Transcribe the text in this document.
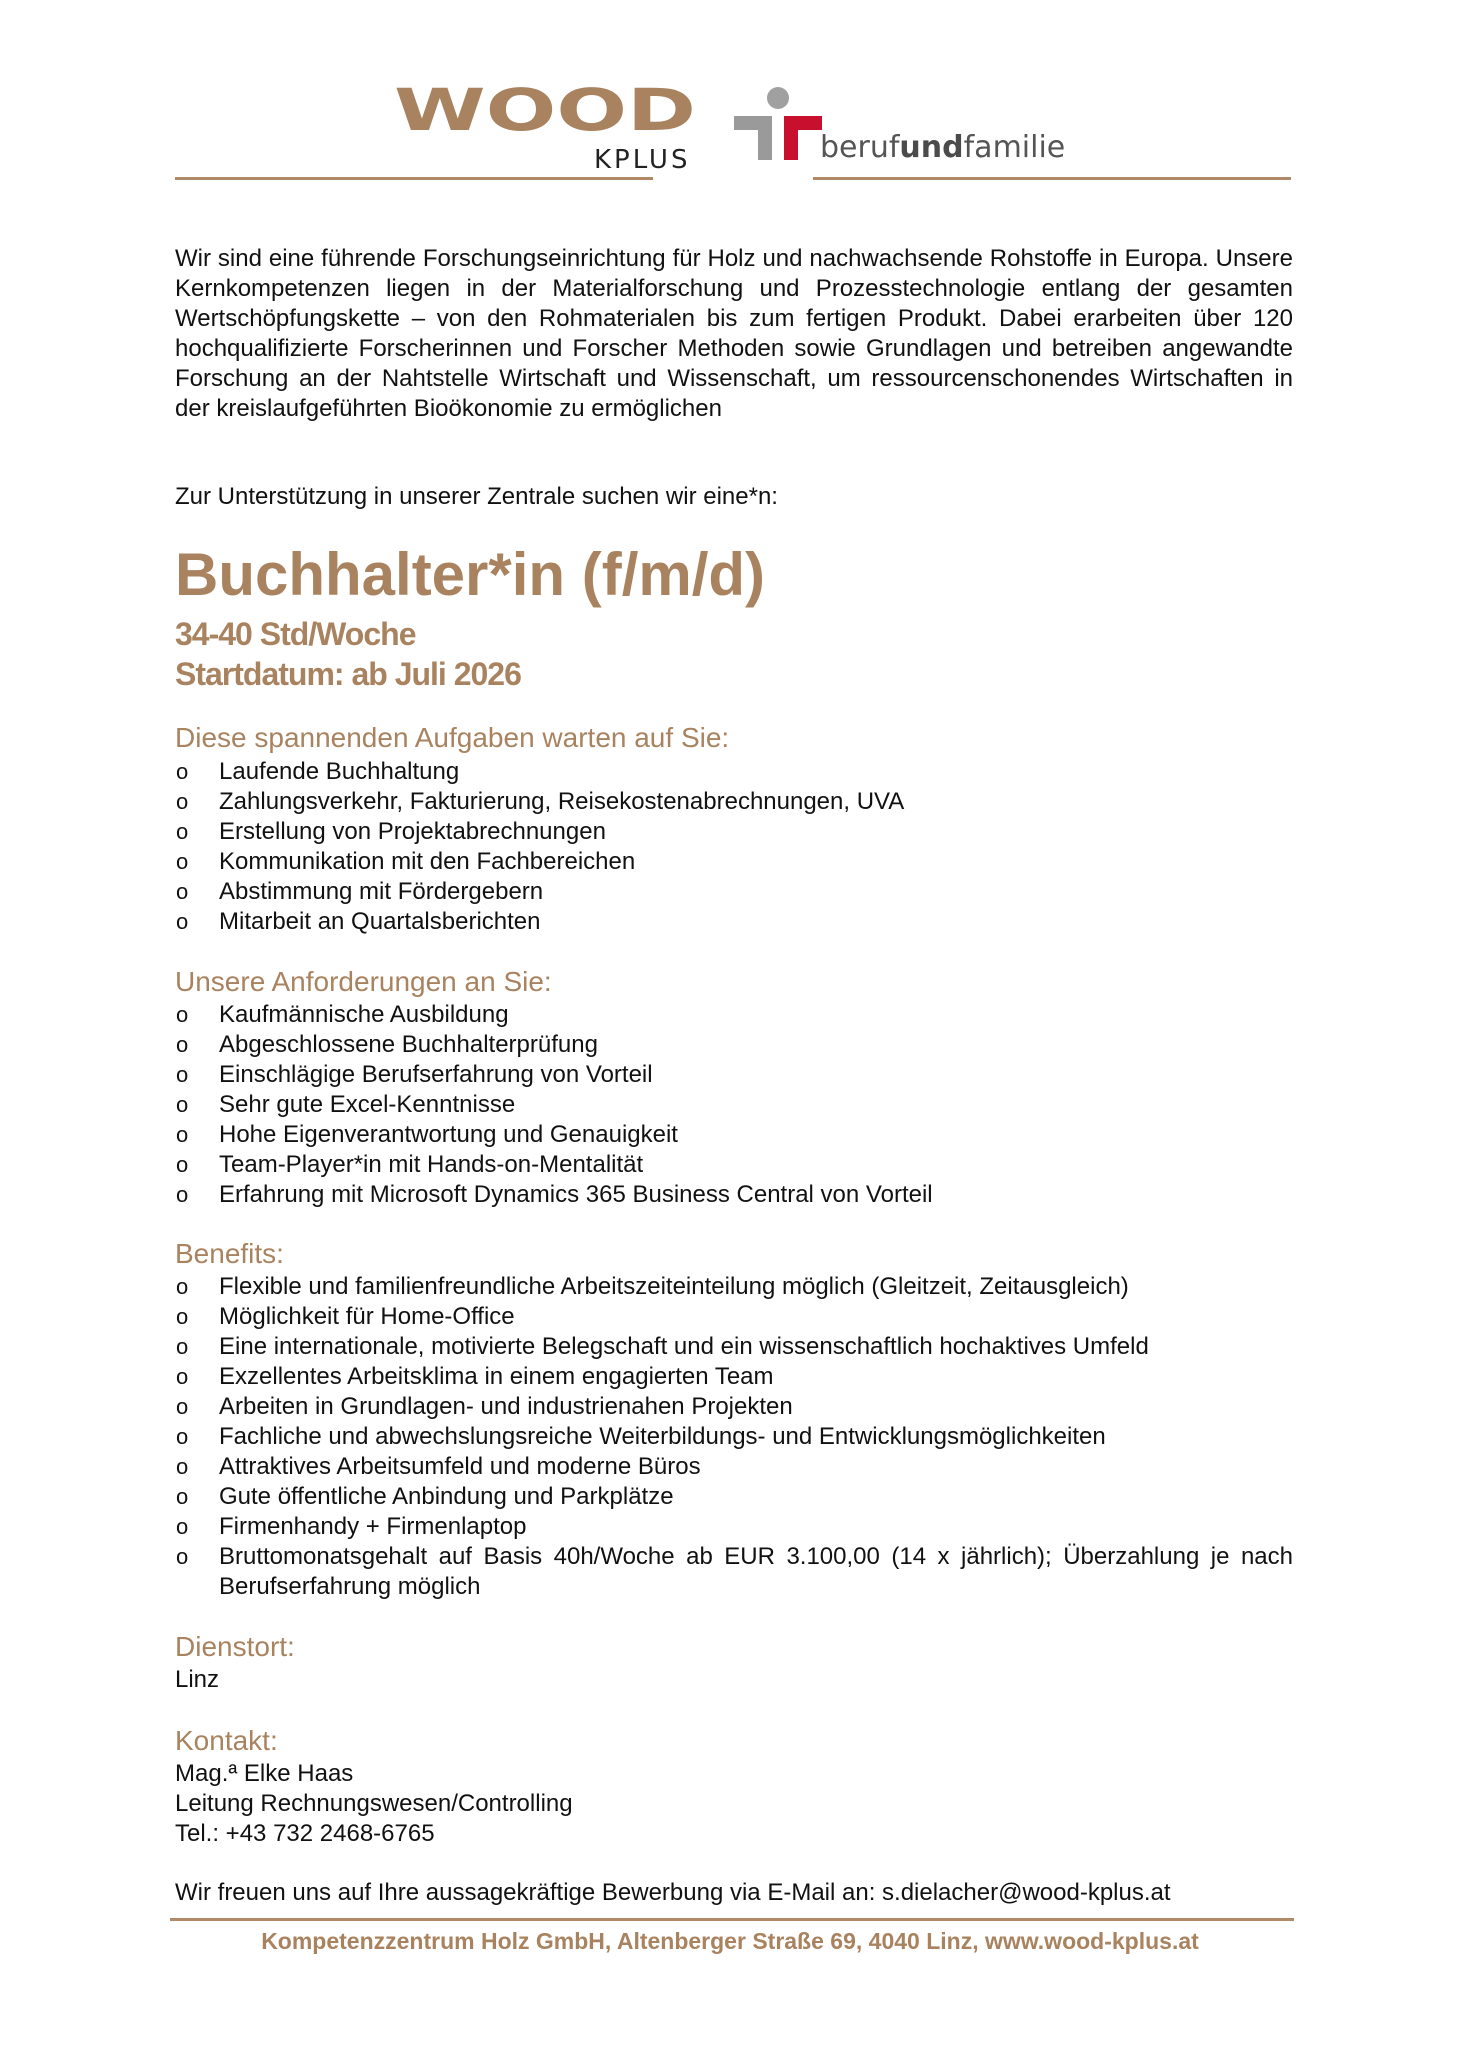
WOOD
KPLUS	berufundfamilie
Wir sind eine führende Forschungseinrichtung für Holz und nachwachsende Rohstoffe in Europa. Unsere Kernkompetenzen liegen in der Materialforschung und Prozesstechnologie entlang der gesamten Wertschöpfungskette – von den Rohmaterialen bis zum fertigen Produkt. Dabei erarbeiten über 120 hochqualifizierte Forscherinnen und Forscher Methoden sowie Grundlagen und betreiben angewandte Forschung an der Nahtstelle Wirtschaft und Wissenschaft, um ressourcenschonendes Wirtschaften in der kreislaufgeführten Bioökonomie zu ermöglichen
Zur Unterstützung in unserer Zentrale suchen wir eine*n:
Buchhalter*in (f/m/d)
34-40 Std/Woche
Startdatum: ab Juli 2026
Diese spannenden Aufgaben warten auf Sie:
o Laufende Buchhaltung
o Zahlungsverkehr, Fakturierung, Reisekostenabrechnungen, UVA
o Erstellung von Projektabrechnungen
o Kommunikation mit den Fachbereichen
o Abstimmung mit Fördergebern
o Mitarbeit an Quartalsberichten
Unsere Anforderungen an Sie:
o Kaufmännische Ausbildung
o Abgeschlossene Buchhalterprüfung
o Einschlägige Berufserfahrung von Vorteil
o Sehr gute Excel-Kenntnisse
o Hohe Eigenverantwortung und Genauigkeit
o Team-Player*in mit Hands-on-Mentalität
o Erfahrung mit Microsoft Dynamics 365 Business Central von Vorteil
Benefits:
o Flexible und familienfreundliche Arbeitszeiteinteilung möglich (Gleitzeit, Zeitausgleich)
o Möglichkeit für Home-Office
o Eine internationale, motivierte Belegschaft und ein wissenschaftlich hochaktives Umfeld
o Exzellentes Arbeitsklima in einem engagierten Team
o Arbeiten in Grundlagen- und industrienahen Projekten
o Fachliche und abwechslungsreiche Weiterbildungs- und Entwicklungsmöglichkeiten
o Attraktives Arbeitsumfeld und moderne Büros
o Gute öffentliche Anbindung und Parkplätze
o Firmenhandy + Firmenlaptop
o Bruttomonatsgehalt auf Basis 40h/Woche ab EUR 3.100,00 (14 x jährlich); Überzahlung je nach Berufserfahrung möglich
Dienstort:
Linz
Kontakt:
Mag.ª Elke Haas
Leitung Rechnungswesen/Controlling
Tel.: +43 732 2468-6765
Wir freuen uns auf Ihre aussagekräftige Bewerbung via E-Mail an: s.dielacher@wood-kplus.at
Kompetenzzentrum Holz GmbH, Altenberger Straße 69, 4040 Linz, www.wood-kplus.at
